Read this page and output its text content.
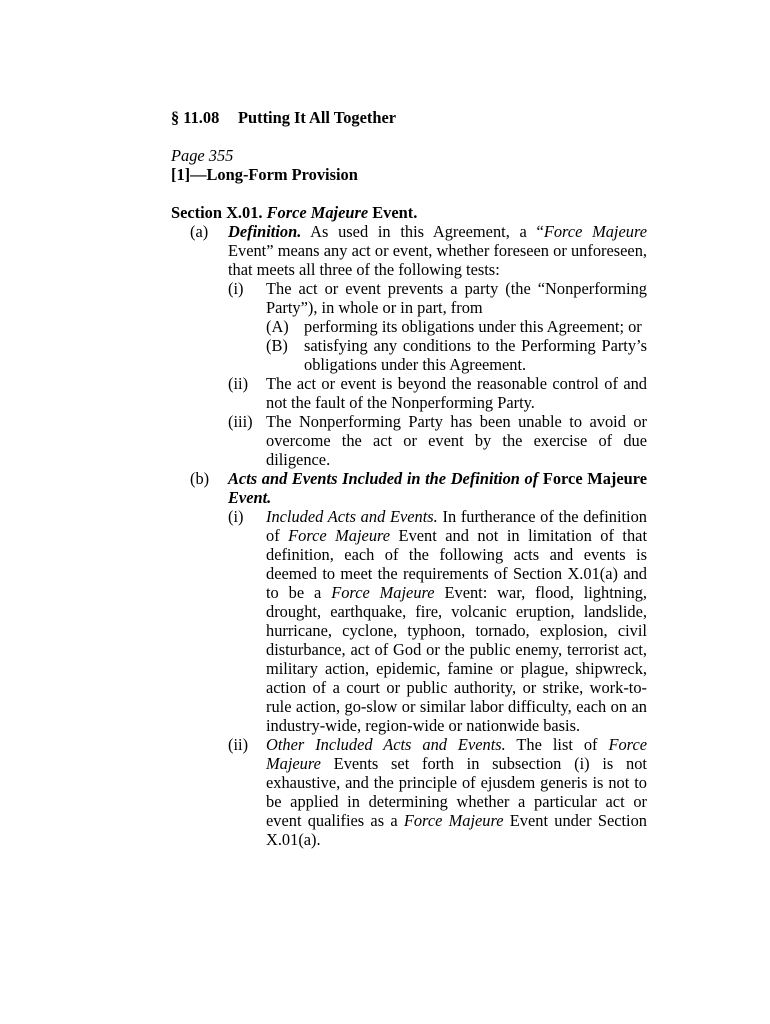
§ 11.08 Putting It All Together
Page 355
[1]—Long-Form Provision
Section X.01. Force Majeure Event.
(a) Definition. As used in this Agreement, a “Force Majeure Event” means any act or event, whether foreseen or unforeseen, that meets all three of the following tests:
(i) The act or event prevents a party (the “Nonperforming Party”), in whole or in part, from
(A) performing its obligations under this Agreement; or
(B) satisfying any conditions to the Performing Party’s obligations under this Agreement.
(ii) The act or event is beyond the reasonable control of and not the fault of the Nonperforming Party.
(iii) The Nonperforming Party has been unable to avoid or overcome the act or event by the exercise of due diligence.
(b) Acts and Events Included in the Definition of Force Majeure Event.
(i) Included Acts and Events. In furtherance of the definition of Force Majeure Event and not in limitation of that definition, each of the following acts and events is deemed to meet the requirements of Section X.01(a) and to be a Force Majeure Event: war, flood, lightning, drought, earthquake, fire, volcanic eruption, landslide, hurricane, cyclone, typhoon, tornado, explosion, civil disturbance, act of God or the public enemy, terrorist act, military action, epidemic, famine or plague, shipwreck, action of a court or public authority, or strike, work-to-rule action, go-slow or similar labor difficulty, each on an industry-wide, region-wide or nationwide basis.
(ii) Other Included Acts and Events. The list of Force Majeure Events set forth in subsection (i) is not exhaustive, and the principle of ejusdem generis is not to be applied in determining whether a particular act or event qualifies as a Force Majeure Event under Section X.01(a).
